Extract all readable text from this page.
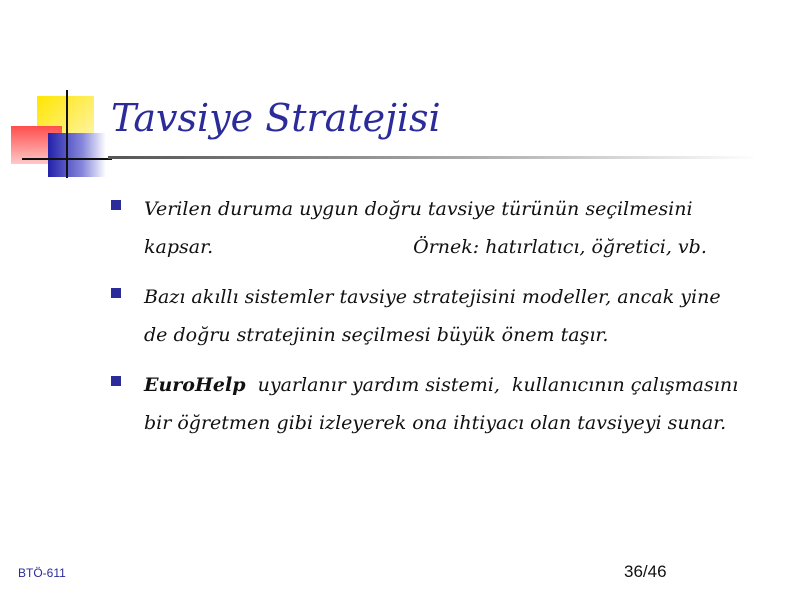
Tavsiye Stratejisi
Verilen duruma uygun doğru tavsiye türünün seçilmesini kapsar.	Örnek: hatırlatıcı, öğretici, vb.
Bazı akıllı sistemler tavsiye stratejisini modeller, ancak yine de doğru stratejinin seçilmesi büyük önem taşır.
EuroHelp  uyarlanır yardım sistemi,  kullanıcının çalışmasını bir öğretmen gibi izleyerek ona ihtiyacı olan tavsiyeyi sunar.
BTÖ-611	36/46
